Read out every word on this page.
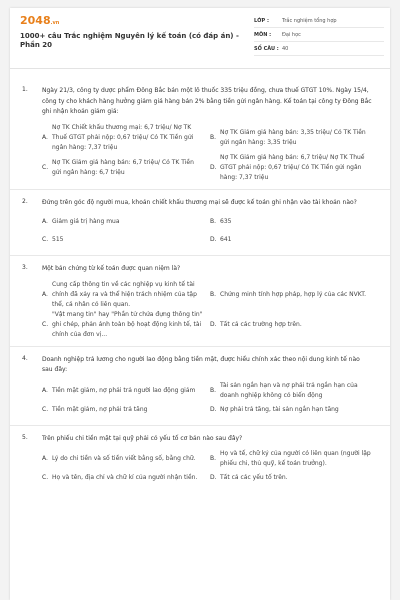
2048.vn
1000+ câu Trắc nghiệm Nguyên lý kế toán (có đáp án) - Phần 20
LỚP :	Trắc nghiệm tổng hợp
MÔN :	Đại học
SỐ CÂU : 40
1. Ngày 21/3, công ty dược phẩm Đông Bắc bán một lô thuốc 335 triệu đồng, chưa thuế GTGT 10%. Ngày 15/4, công ty cho khách hàng hưởng giảm giá hàng bán 2% bằng tiền gửi ngân hàng. Kế toán tại công ty Đông Bắc ghi nhận khoản giảm giá:
A.
Nợ TK Chiết khấu thương mại: 6,7 triệu/ Nợ TK Thuế GTGT phải nộp: 0,67 triệu/ Có TK Tiền gửi ngân hàng: 7,37 triệu
B.
Nợ TK Giảm giá hàng bán: 3,35 triệu/ Có TK Tiền gửi ngân hàng: 3,35 triệu
C.
Nợ TK Giảm giá hàng bán: 6,7 triệu/ Có TK Tiền gửi ngân hàng: 6,7 triệu
D.
Nợ TK Giảm giá hàng bán: 6,7 triệu/ Nợ TK Thuế GTGT phải nộp: 0,67 triệu/ Có TK Tiền gửi ngân hàng: 7,37 triệu
2. Đứng trên góc độ người mua, khoản chiết khấu thương mại sẽ được kế toán ghi nhận vào tài khoản nào?
A. Giảm giá trị hàng mua	B. 635
C. 515	D. 641
3. Một bản chứng từ kế toán được quan niệm là?
A.
Cung cấp thông tin về các nghiệp vụ kinh tế tài chính đã xảy ra và thể hiện trách nhiệm của tập thể, cá nhân có liên quan.
B. Chứng minh tính hợp pháp, hợp lý của các NVKT.
C.
"Vật mang tin" hay "Phần tử chứa đựng thông tin" ghi chép, phản ánh toàn bộ hoạt động kinh tế, tài chính của đơn vị...
D. Tất cả các trường hợp trên.
4. Doanh nghiệp trả lương cho người lao động bằng tiền mặt, được hiểu chính xác theo nội dung kinh tế nào sau đây:
A. Tiền mặt giảm, nợ phải trả người lao động giảm	B.
Tài sản ngắn hạn và nợ phải trả ngắn hạn của doanh nghiệp không có biến động
C. Tiền mặt giảm, nợ phải trả tăng	D. Nợ phải trả tăng, tài sản ngắn hạn tăng
5. Trên phiếu chi tiền mặt tại quỹ phải có yếu tố cơ bản nào sau đây?
A. Lý do chi tiền và số tiền viết bằng số, bằng chữ.	B.
Họ và tế, chữ ký của người có liên quan (người lập phiếu chi, thủ quỹ, kế toán trưởng).
C. Họ và tên, địa chỉ và chữ kí của người nhận tiền.	D. Tất cả các yếu tố trên.
